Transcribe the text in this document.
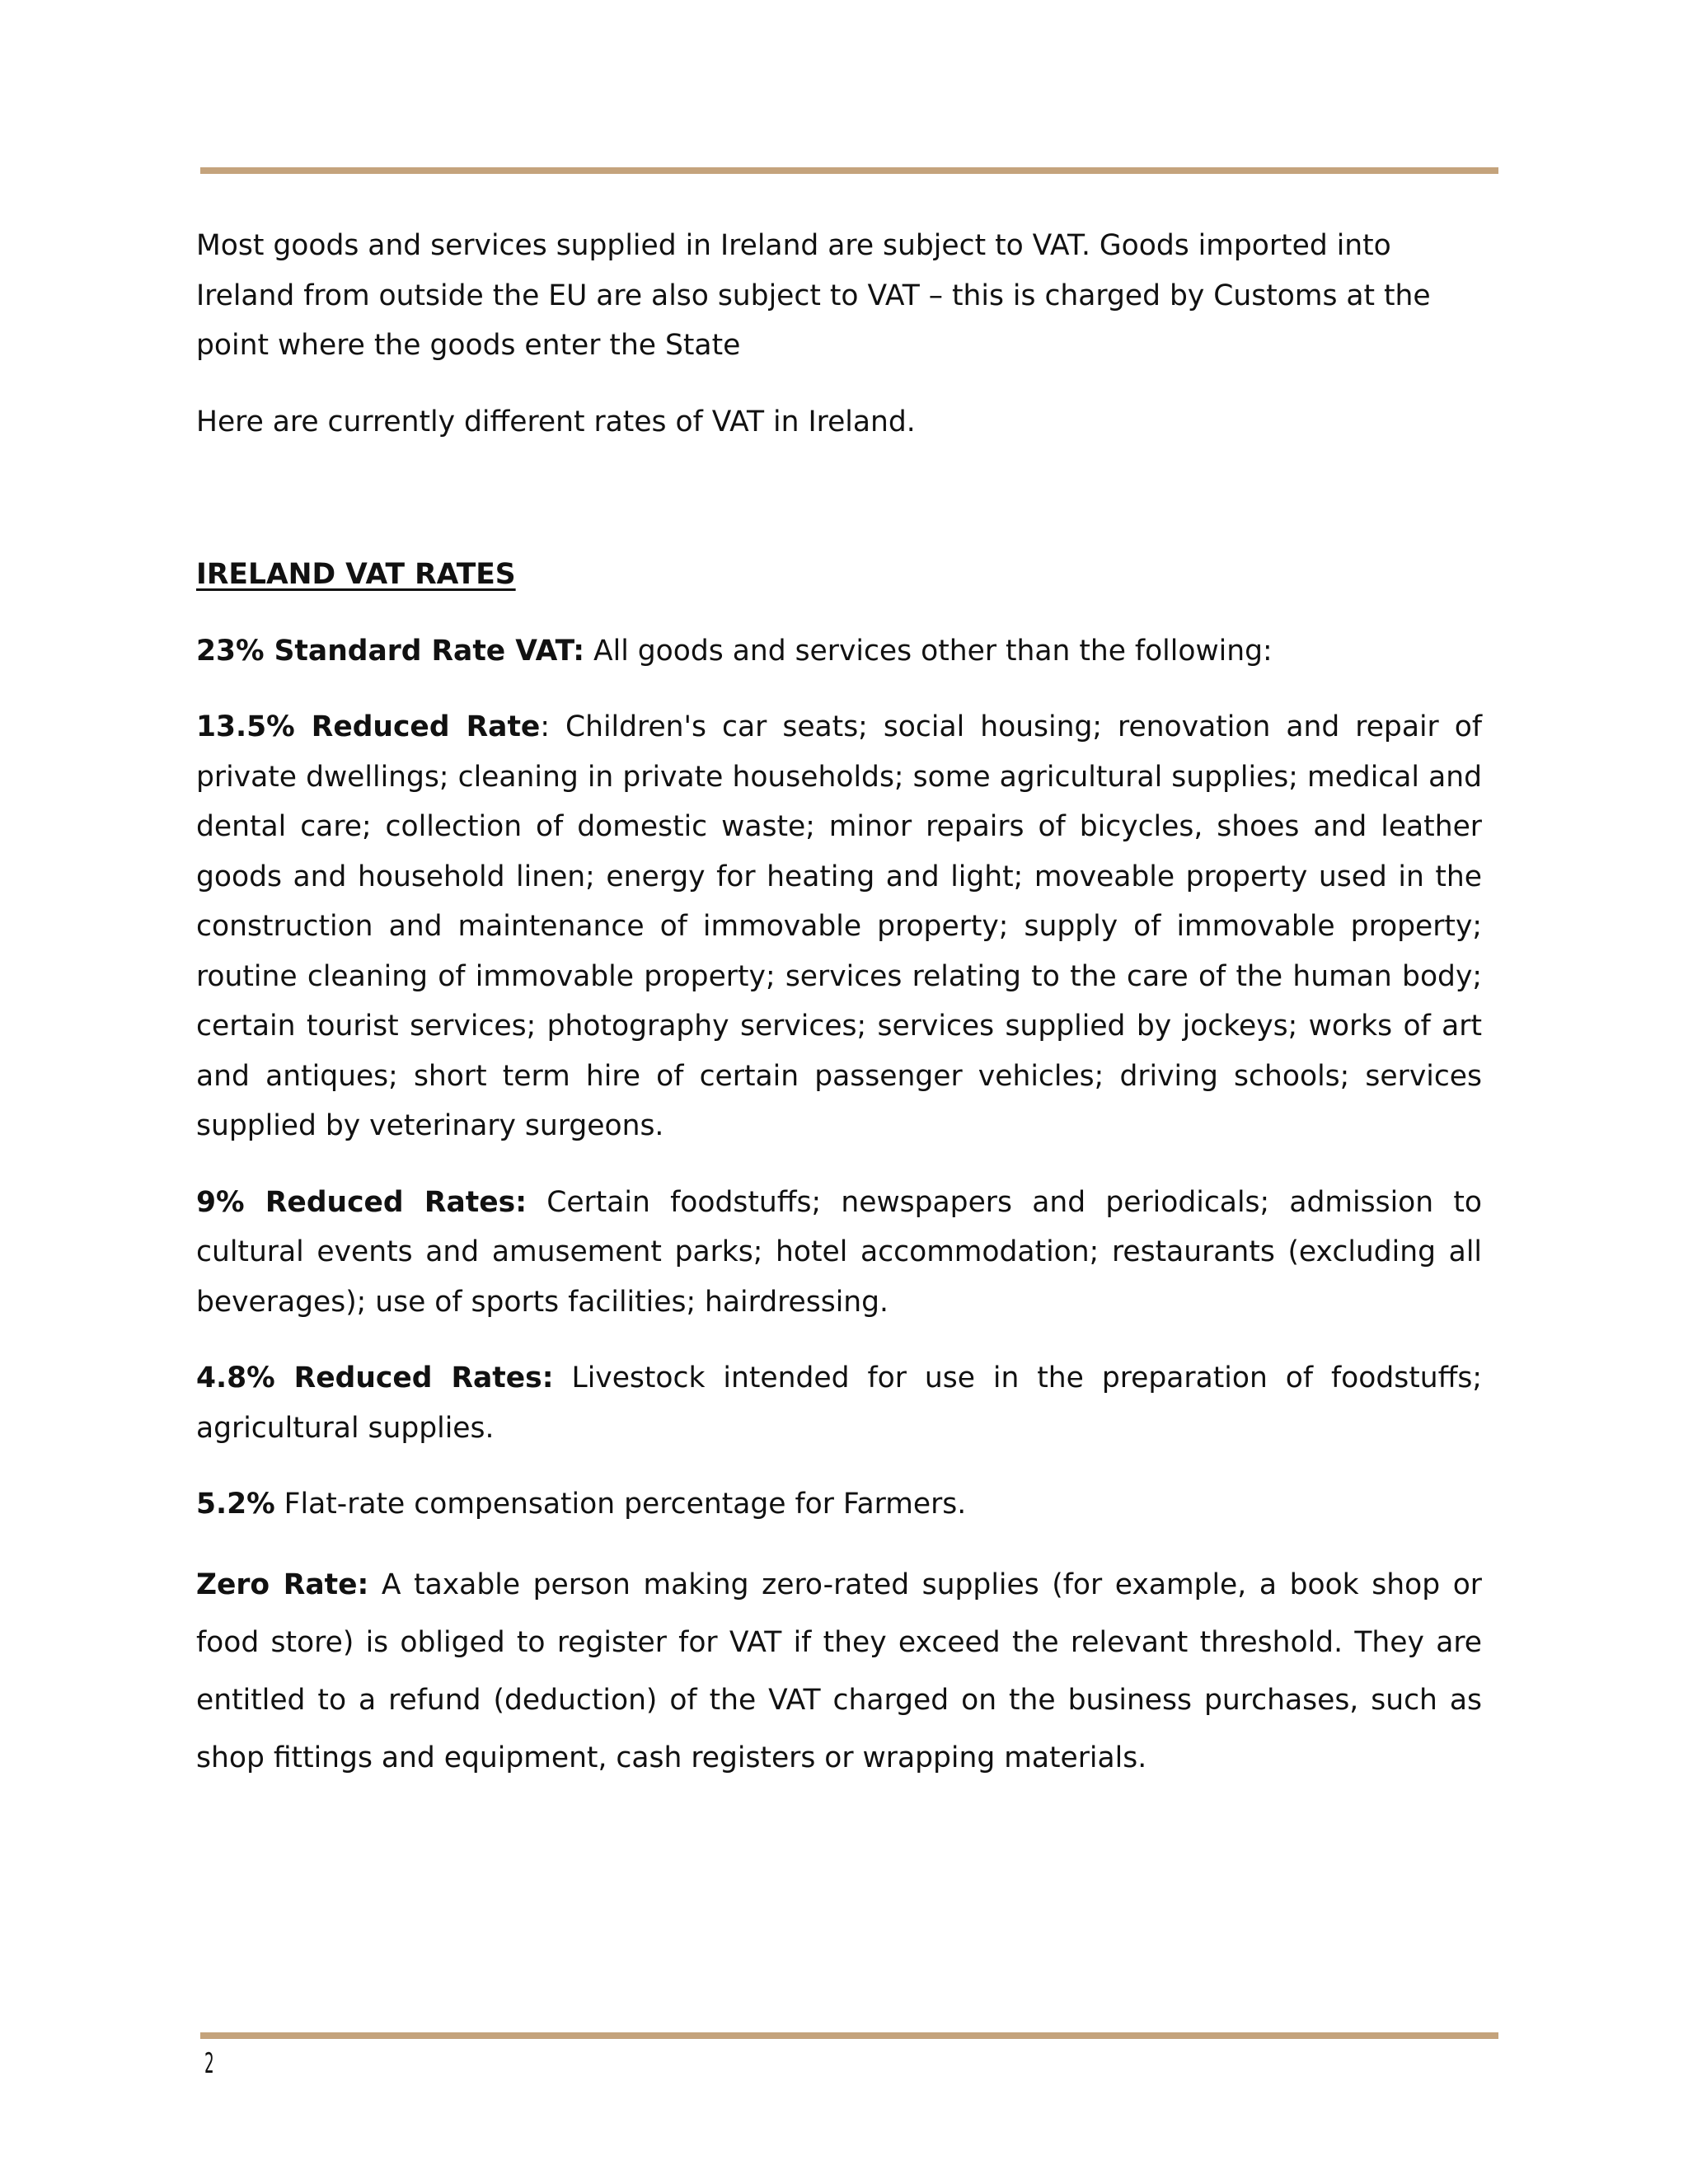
Most goods and services supplied in Ireland are subject to VAT. Goods imported into Ireland from outside the EU are also subject to VAT – this is charged by Customs at the point where the goods enter the State

Here are currently different rates of VAT in Ireland.

IRELAND VAT RATES

23% Standard Rate VAT: All goods and services other than the following:

13.5% Reduced Rate: Children's car seats; social housing; renovation and repair of private dwellings; cleaning in private households; some agricultural supplies; medical and dental care; collection of domestic waste; minor repairs of bicycles, shoes and leather goods and household linen; energy for heating and light; moveable property used in the construction and maintenance of immovable property; supply of immovable property; routine cleaning of immovable property; services relating to the care of the human body; certain tourist services; photography services; services supplied by jockeys; works of art and antiques; short term hire of certain passenger vehicles; driving schools; services supplied by veterinary surgeons.

9% Reduced Rates: Certain foodstuffs; newspapers and periodicals; admission to cultural events and amusement parks; hotel accommodation; restaurants (excluding all beverages); use of sports facilities; hairdressing.

4.8% Reduced Rates: Livestock intended for use in the preparation of foodstuffs; agricultural supplies.

5.2% Flat-rate compensation percentage for Farmers.

Zero Rate: A taxable person making zero-rated supplies (for example, a book shop or food store) is obliged to register for VAT if they exceed the relevant threshold. They are entitled to a refund (deduction) of the VAT charged on the business purchases, such as shop fittings and equipment, cash registers or wrapping materials.

2
